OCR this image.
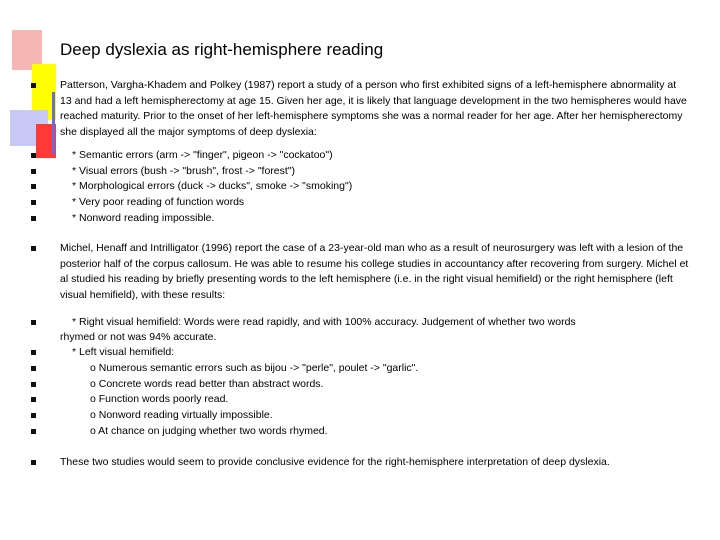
Deep dyslexia as right-hemisphere reading

Patterson, Vargha-Khadem and Polkey (1987) report a study of a person who first exhibited signs of a left-hemisphere abnormality at 13 and had a left hemispherectomy at age 15. Given her age, it is likely that language development in the two hemispheres would have reached maturity. Prior to the onset of her left-hemisphere symptoms she was a normal reader for her age. After her hemispherectomy she displayed all the major symptoms of deep dyslexia:

* Semantic errors (arm -> "finger", pigeon -> "cockatoo")

* Visual errors (bush -> "brush", frost -> "forest")

* Morphological errors (duck -> ducks", smoke -> "smoking")

* Very poor reading of function words

* Nonword reading impossible.

Michel, Henaff and Intrilligator (1996) report the case of a 23-year-old man who as a result of neurosurgery was left with a lesion of the posterior half of the corpus callosum. He was able to resume his college studies in accountancy after recovering from surgery. Michel et al studied his reading by briefly presenting words to the left hemisphere (i.e. in the right visual hemifield) or the right hemisphere (left visual hemifield), with these results:

* Right visual hemifield: Words were read rapidly, and with 100% accuracy. Judgement of whether two words

rhymed or not was 94% accurate.

* Left visual hemifield:

o Numerous semantic errors such as bijou -> "perle", poulet -> "garlic".

o Concrete words read better than abstract words.

o Function words poorly read.

o Nonword reading virtually impossible.

o At chance on judging whether two words rhymed.

These two studies would seem to provide conclusive evidence for the right-hemisphere interpretation of deep dyslexia.
